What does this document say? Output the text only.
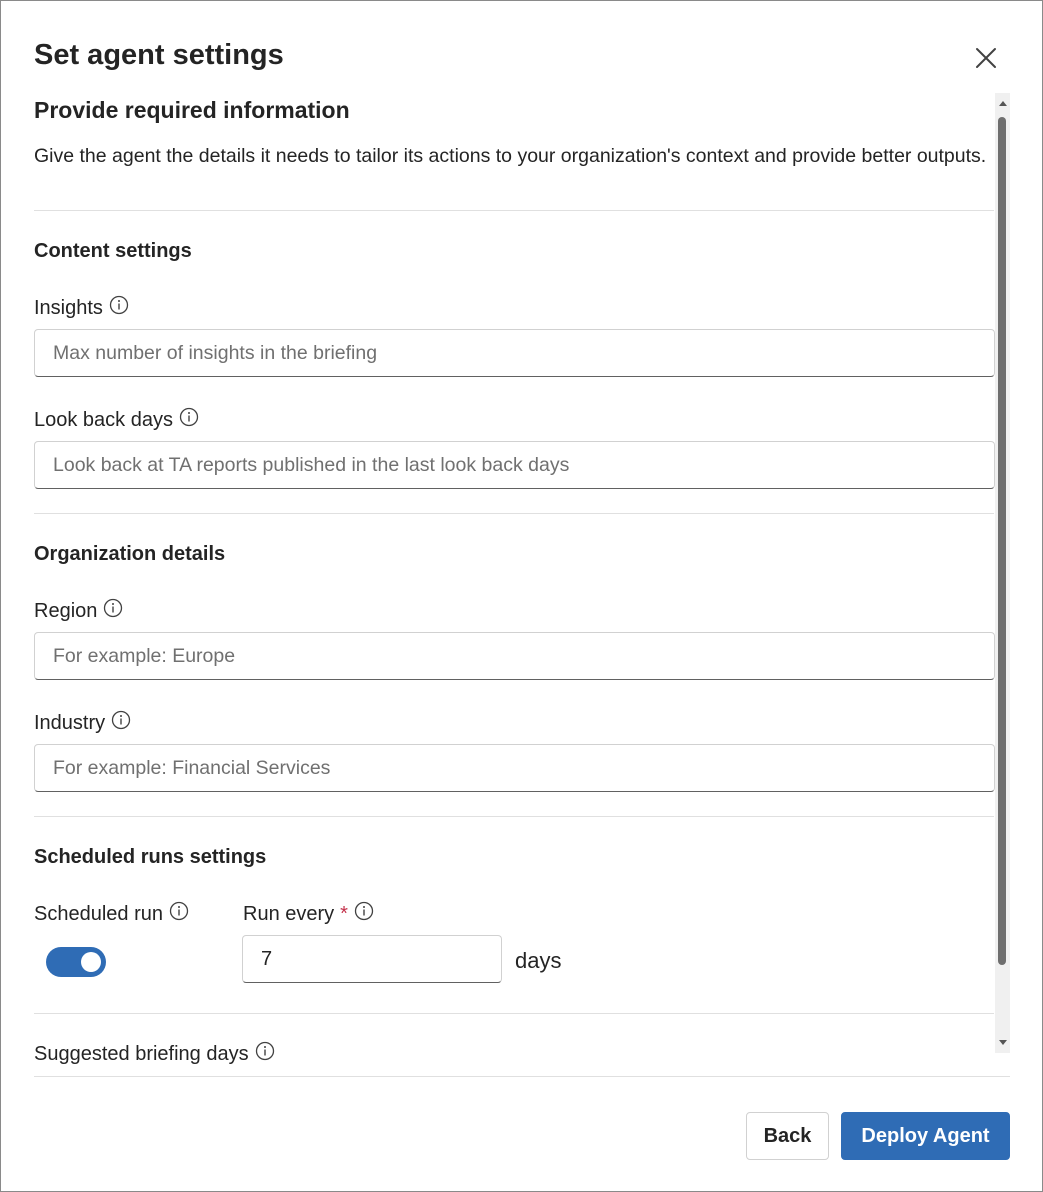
Set agent settings
Provide required information
Give the agent the details it needs to tailor its actions to your organization's context and provide better outputs.
Content settings
Insights
Max number of insights in the briefing
Look back days
Look back at TA reports published in the last look back days
Organization details
Region
For example: Europe
Industry
For example: Financial Services
Scheduled runs settings
Scheduled run	Run every *
7
days
Suggested briefing days
Back	Deploy Agent
